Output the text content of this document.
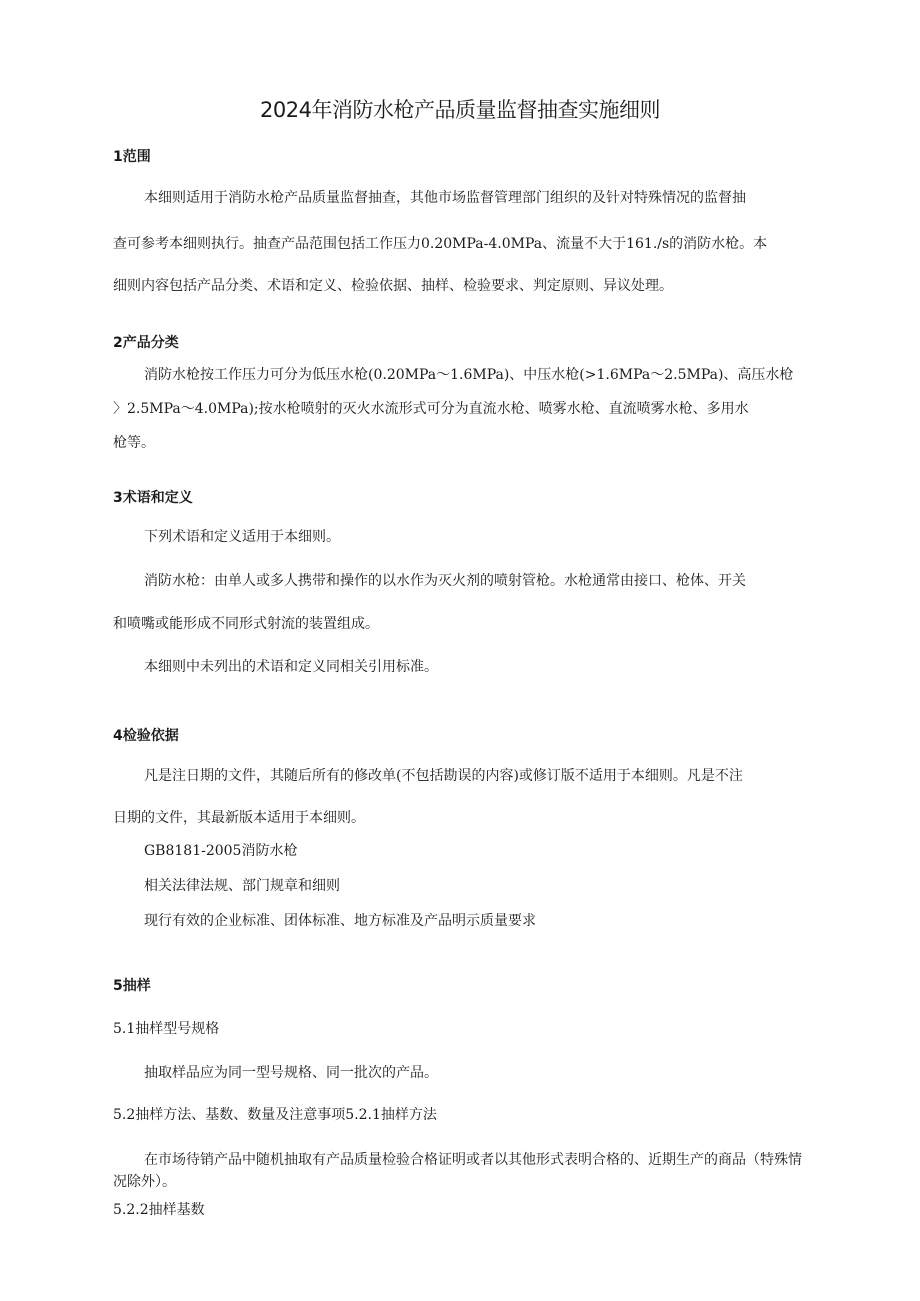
2024年消防水枪产品质量监督抽查实施细则
1范围

本细则适用于消防水枪产品质量监督抽查，其他市场监督管理部门组织的及针对特殊情况的监督抽

查可参考本细则执行。抽查产品范围包括工作压力0.20MPa-4.0MPa、流量不大于161./s的消防水枪。本

细则内容包括产品分类、术语和定义、检验依据、抽样、检验要求、判定原则、异议处理。

2产品分类

消防水枪按工作压力可分为低压水枪(0.20MPa～1.6MPa)、中压水枪(>1.6MPa～2.5MPa)、高压水枪

〉2.5MPa～4.0MPa);按水枪喷射的灭火水流形式可分为直流水枪、喷雾水枪、直流喷雾水枪、多用水

枪等。

3术语和定义

下列术语和定义适用于本细则。

消防水枪：由单人或多人携带和操作的以水作为灭火剂的喷射管枪。水枪通常由接口、枪体、开关

和喷嘴或能形成不同形式射流的装置组成。

本细则中未列出的术语和定义同相关引用标准。

4检验依据

凡是注日期的文件，其随后所有的修改单(不包括勘误的内容)或修订版不适用于本细则。凡是不注

日期的文件，其最新版本适用于本细则。

GB8181-2005消防水枪

相关法律法规、部门规章和细则

现行有效的企业标准、团体标准、地方标准及产品明示质量要求

5抽样

5.1抽样型号规格

抽取样品应为同一型号规格、同一批次的产品。

5.2抽样方法、基数、数量及注意事项5.2.1抽样方法

在市场待销产品中随机抽取有产品质量检验合格证明或者以其他形式表明合格的、近期生产的商品（特殊情况除外）。

5.2.2抽样基数
